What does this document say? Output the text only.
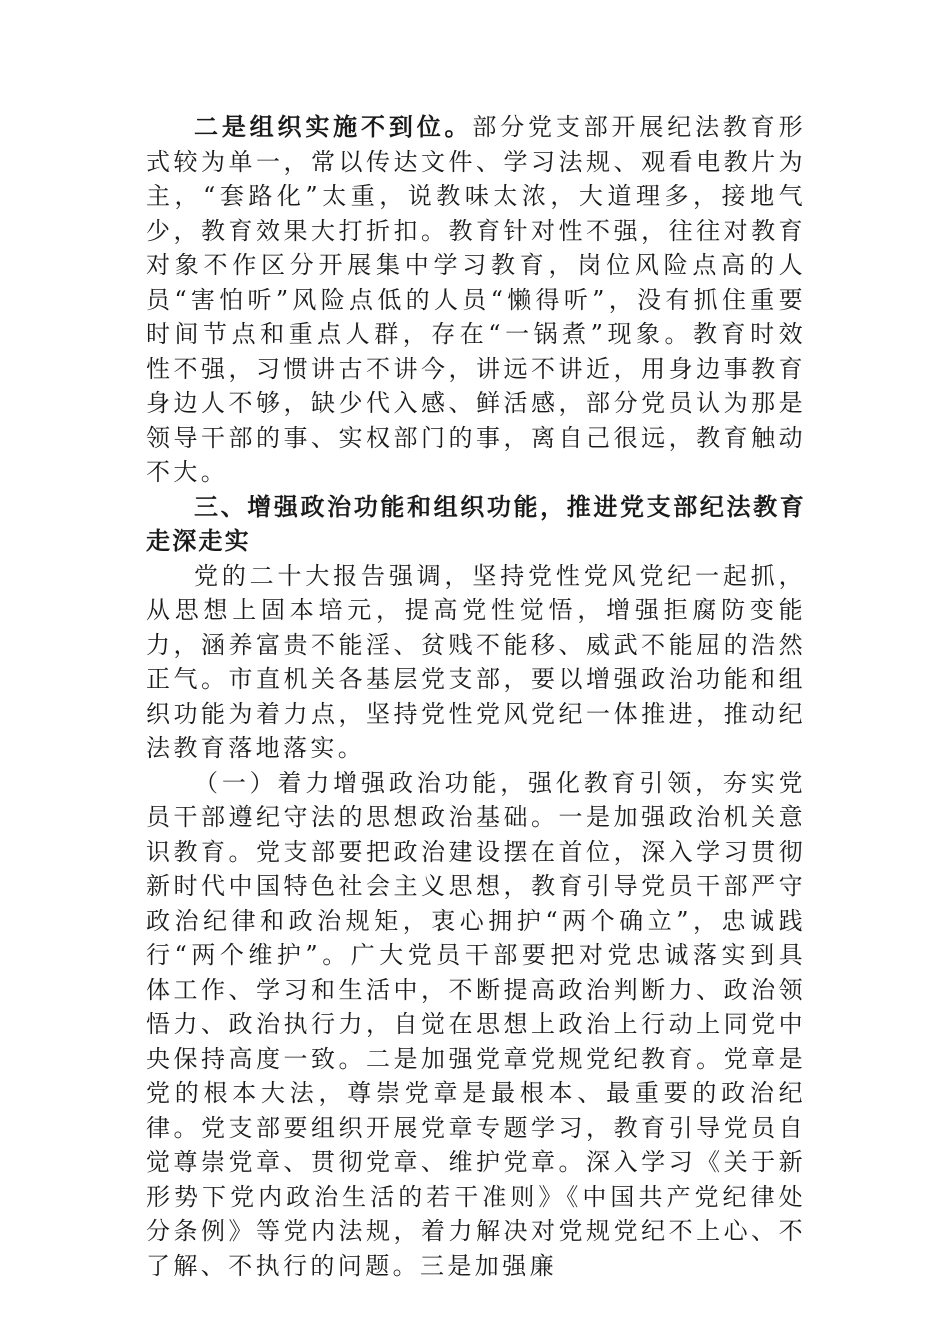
二是组织实施不到位。部分党支部开展纪法教育形式较为单一，常以传达文件、学习法规、观看电教片为主，“套路化”太重，说教味太浓，大道理多，接地气少，教育效果大打折扣。教育针对性不强，往往对教育对象不作区分开展集中学习教育，岗位风险点高的人员“害怕听”风险点低的人员“懒得听”，没有抓住重要时间节点和重点人群，存在“一锅煮”现象。教育时效性不强，习惯讲古不讲今，讲远不讲近，用身边事教育身边人不够，缺少代入感、鲜活感，部分党员认为那是领导干部的事、实权部门的事，离自己很远，教育触动不大。

三、增强政治功能和组织功能，推进党支部纪法教育走深走实

党的二十大报告强调，坚持党性党风党纪一起抓，从思想上固本培元，提高党性觉悟，增强拒腐防变能力，涵养富贵不能淫、贫贱不能移、威武不能屈的浩然正气。市直机关各基层党支部，要以增强政治功能和组织功能为着力点，坚持党性党风党纪一体推进，推动纪法教育落地落实。

（一）着力增强政治功能，强化教育引领，夯实党员干部遵纪守法的思想政治基础。一是加强政治机关意识教育。党支部要把政治建设摆在首位，深入学习贯彻新时代中国特色社会主义思想，教育引导党员干部严守政治纪律和政治规矩，衷心拥护“两个确立”，忠诚践行“两个维护”。广大党员干部要把对党忠诚落实到具体工作、学习和生活中，不断提高政治判断力、政治领悟力、政治执行力，自觉在思想上政治上行动上同党中央保持高度一致。二是加强党章党规党纪教育。党章是党的根本大法，尊崇党章是最根本、最重要的政治纪律。党支部要组织开展党章专题学习，教育引导党员自觉尊崇党章、贯彻党章、维护党章。深入学习《关于新形势下党内政治生活的若干准则》《中国共产党纪律处分条例》等党内法规，着力解决对党规党纪不上心、不了解、不执行的问题。三是加强廉
